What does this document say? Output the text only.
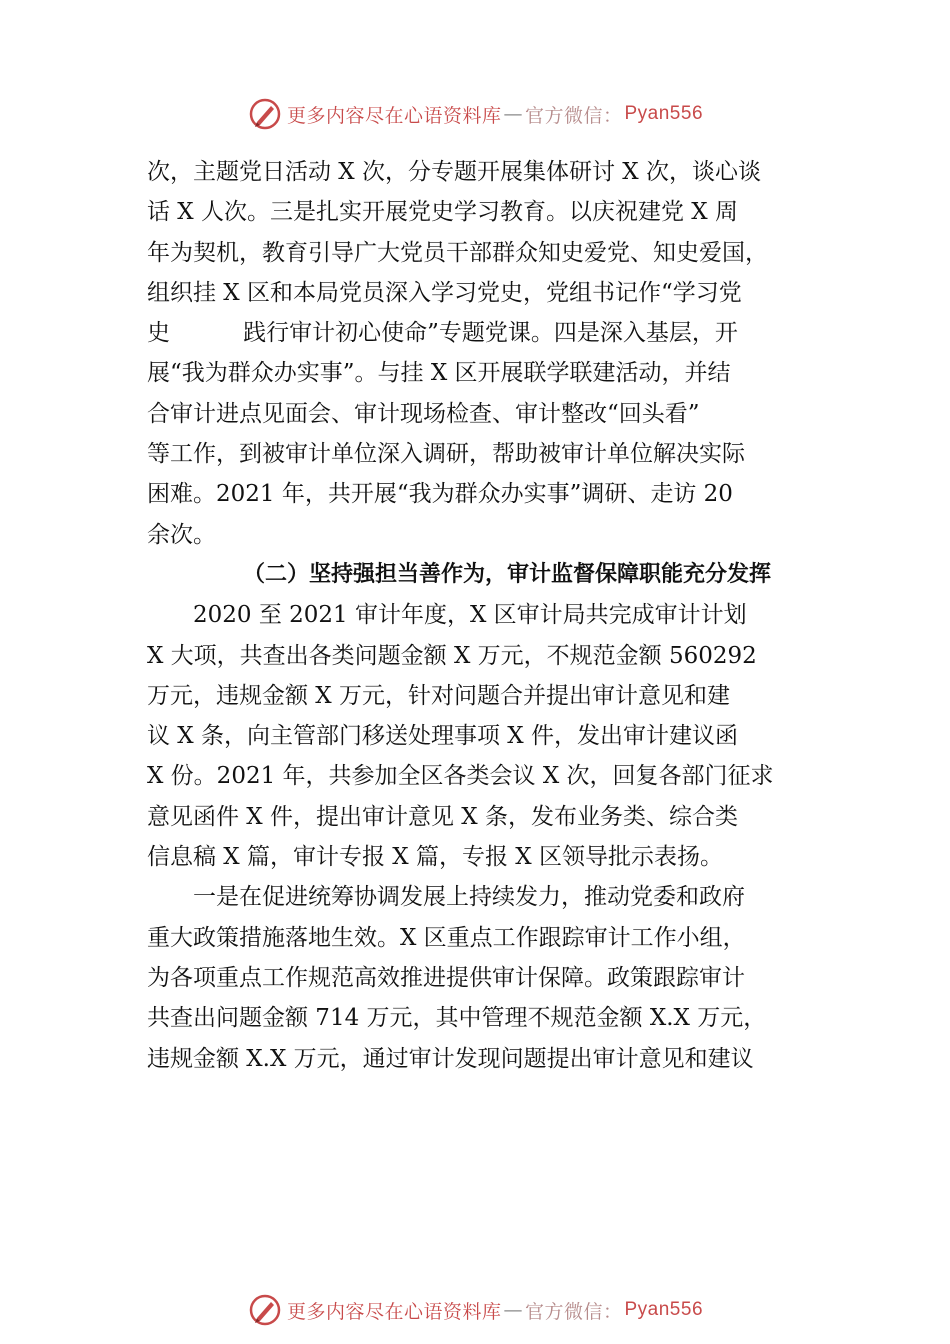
更多内容尽在心语资料库 — 官方微信： Pyan556
次，主题党日活动 X 次，分专题开展集体研讨 X 次，谈心谈
话 X 人次。三是扎实开展党史学习教育。以庆祝建党 X 周
年为契机，教育引导广大党员干部群众知史爱党、知史爱国，
组织挂 X 区和本局党员深入学习党史，党组书记作“学习党
史          践行审计初心使命”专题党课。四是深入基层，开
展“我为群众办实事”。与挂 X 区开展联学联建活动，并结
合审计进点见面会、审计现场检查、审计整改“回头看”
等工作，到被审计单位深入调研，帮助被审计单位解决实际
困难。2021 年，共开展“我为群众办实事”调研、走访 20
余次。
（二）坚持强担当善作为，审计监督保障职能充分发挥
2020 至 2021 审计年度，X 区审计局共完成审计计划
X 大项，共查出各类问题金额 X 万元，不规范金额 560292
万元，违规金额 X 万元，针对问题合并提出审计意见和建
议 X 条，向主管部门移送处理事项 X 件，发出审计建议函
X 份。2021 年，共参加全区各类会议 X 次，回复各部门征求
意见函件 X 件，提出审计意见 X 条，发布业务类、综合类
信息稿 X 篇，审计专报 X 篇，专报 X 区领导批示表扬。
一是在促进统筹协调发展上持续发力，推动党委和政府
重大政策措施落地生效。X 区重点工作跟踪审计工作小组，
为各项重点工作规范高效推进提供审计保障。政策跟踪审计
共查出问题金额 714 万元，其中管理不规范金额 X.X 万元，
违规金额 X.X 万元，通过审计发现问题提出审计意见和建议
更多内容尽在心语资料库 — 官方微信： Pyan556
